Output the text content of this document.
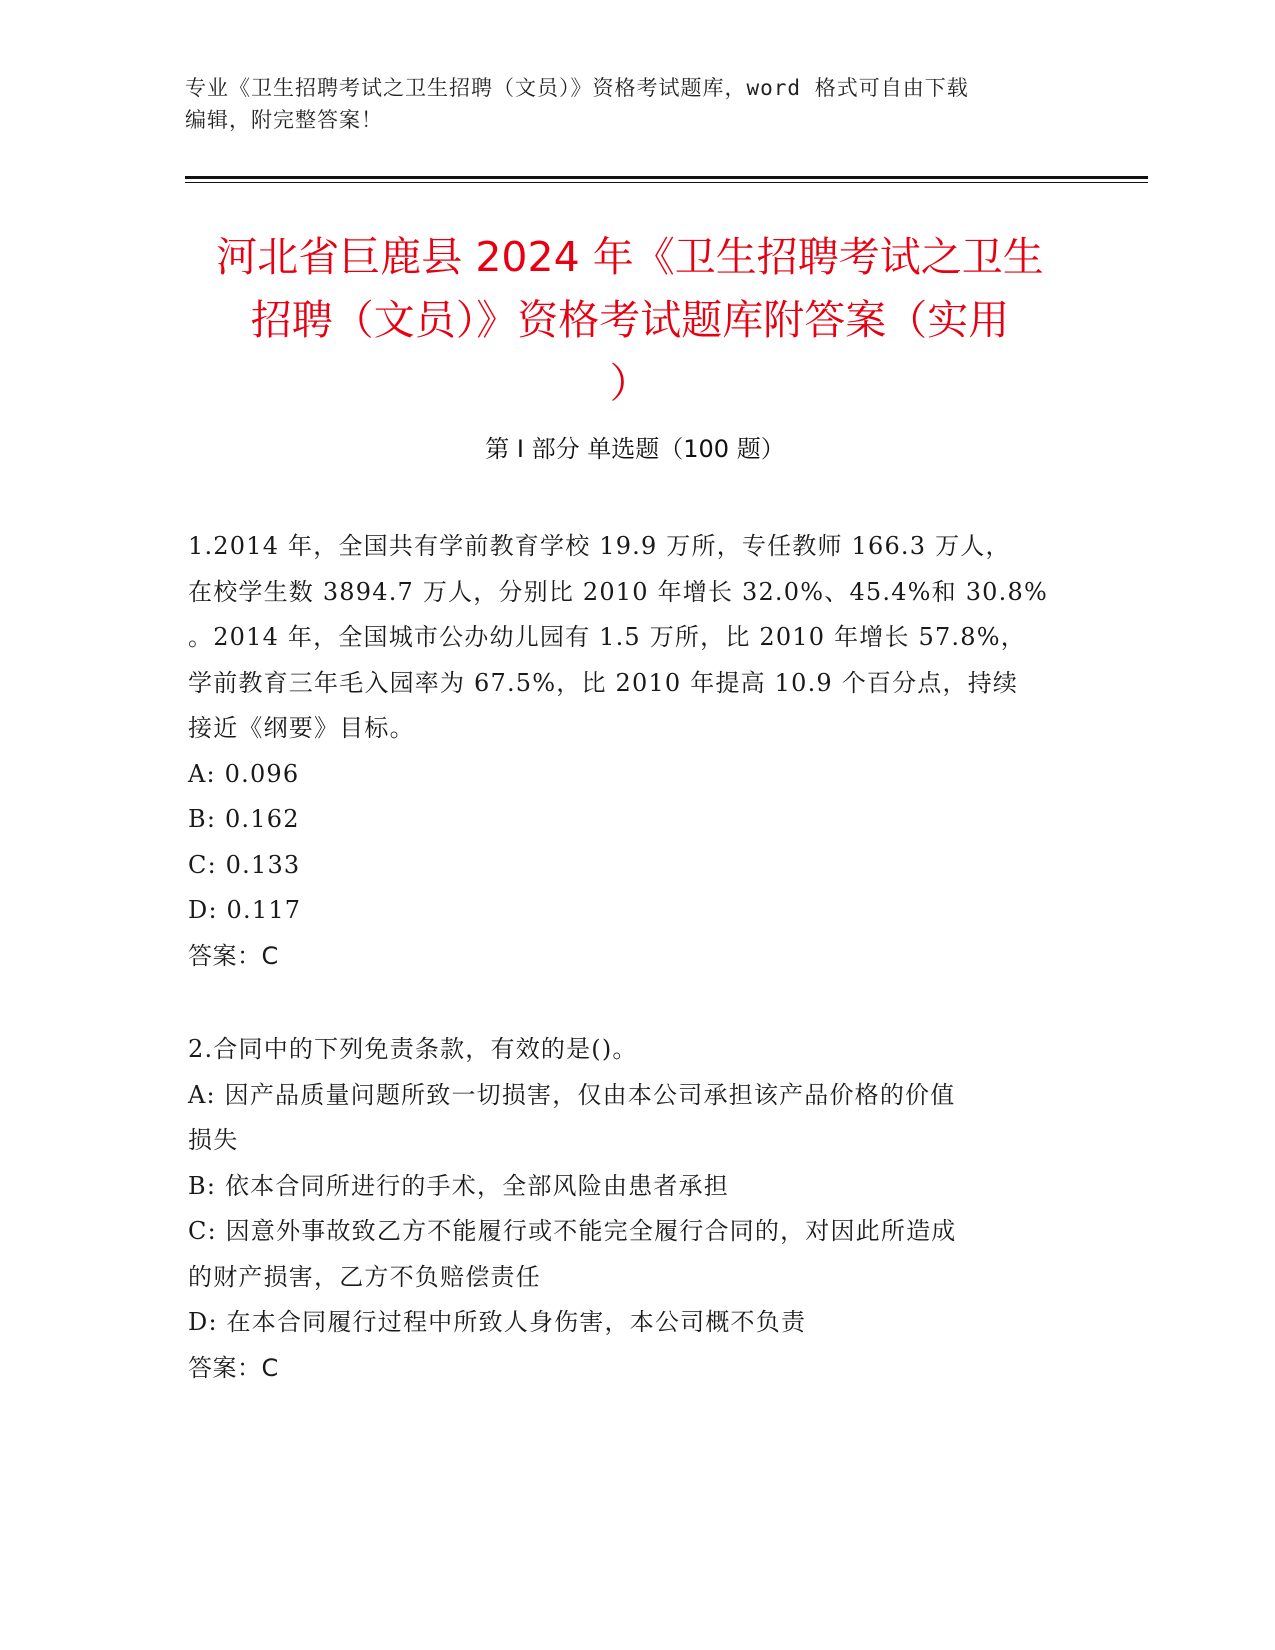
专业《卫生招聘考试之卫生招聘（文员）》资格考试题库，word 格式可自由下载
编辑，附完整答案！
河北省巨鹿县 2024 年《卫生招聘考试之卫生
招聘（文员）》资格考试题库附答案（实用
）
第 I 部分 单选题（100 题）
1.2014 年，全国共有学前教育学校 19.9 万所，专任教师 166.3 万人，
在校学生数 3894.7 万人，分别比 2010 年增长 32.0%、45.4%和 30.8%
。2014 年，全国城市公办幼儿园有 1.5 万所，比 2010 年增长 57.8%，
学前教育三年毛入园率为 67.5%，比 2010 年提高 10.9 个百分点，持续
接近《纲要》目标。
A: 0.096
B: 0.162
C: 0.133
D: 0.117
答案：C
2.合同中的下列免责条款，有效的是()。
A: 因产品质量问题所致一切损害，仅由本公司承担该产品价格的价值
损失
B: 依本合同所进行的手术，全部风险由患者承担
C: 因意外事故致乙方不能履行或不能完全履行合同的，对因此所造成
的财产损害，乙方不负赔偿责任
D: 在本合同履行过程中所致人身伤害，本公司概不负责
答案：C
